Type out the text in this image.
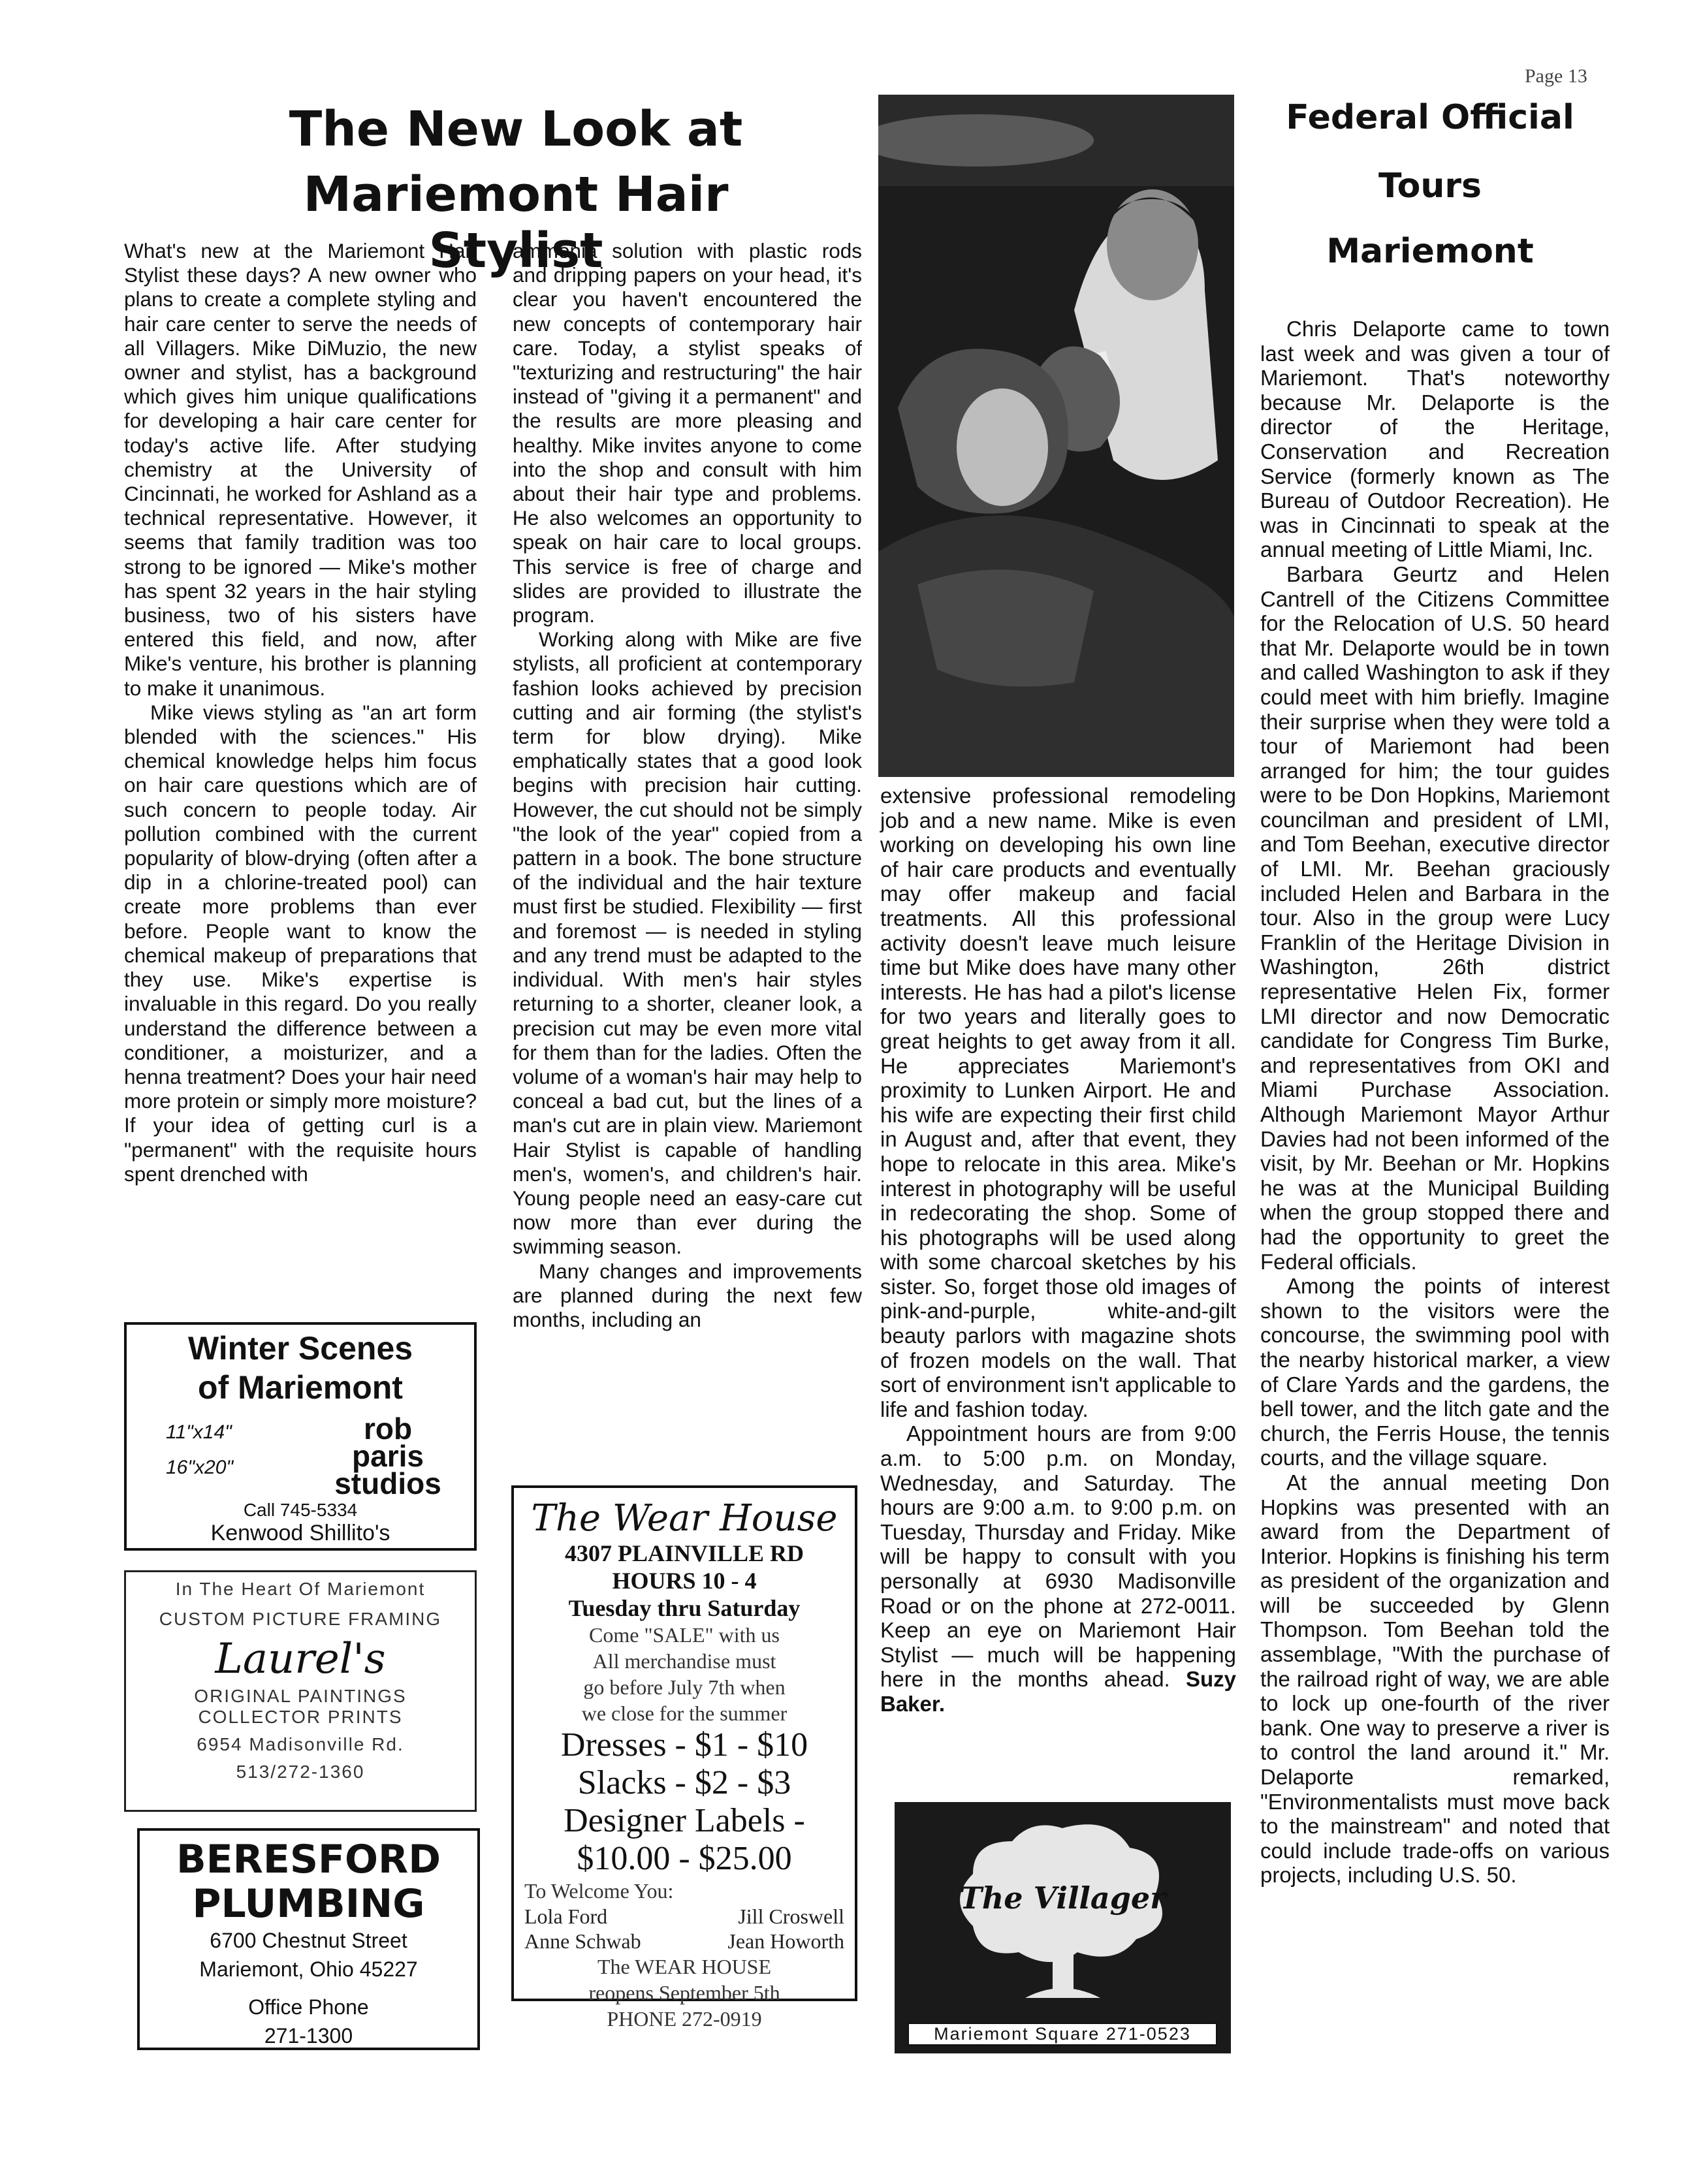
Page 13
The New Look at
Mariemont Hair Stylist

What's new at the Mariemont Hair Stylist these days? A new owner who plans to create a complete styling and hair care center to serve the needs of all Villagers. Mike DiMuzio, the new owner and stylist, has a background which gives him unique qualifications for developing a hair care center for today's active life. After studying chemistry at the University of Cincinnati, he worked for Ashland as a technical representative. However, it seems that family tradition was too strong to be ignored — Mike's mother has spent 32 years in the hair styling business, two of his sisters have entered this field, and now, after Mike's venture, his brother is planning to make it unanimous.

Mike views styling as "an art form blended with the sciences." His chemical knowledge helps him focus on hair care questions which are of such concern to people today. Air pollution combined with the current popularity of blow-drying (often after a dip in a chlorine-treated pool) can create more problems than ever before. People want to know the chemical makeup of preparations that they use. Mike's expertise is invaluable in this regard. Do you really understand the difference between a conditioner, a moisturizer, and a henna treatment? Does your hair need more protein or simply more moisture? If your idea of getting curl is a "permanent" with the requisite hours spent drenched with

ammonia solution with plastic rods and dripping papers on your head, it's clear you haven't encountered the new concepts of contemporary hair care. Today, a stylist speaks of "texturizing and restructuring" the hair instead of "giving it a permanent" and the results are more pleasing and healthy. Mike invites anyone to come into the shop and consult with him about their hair type and problems. He also welcomes an opportunity to speak on hair care to local groups. This service is free of charge and slides are provided to illustrate the program.

Working along with Mike are five stylists, all proficient at contemporary fashion looks achieved by precision cutting and air forming (the stylist's term for blow drying). Mike emphatically states that a good look begins with precision hair cutting. However, the cut should not be simply "the look of the year" copied from a pattern in a book. The bone structure of the individual and the hair texture must first be studied. Flexibility — first and foremost — is needed in styling and any trend must be adapted to the individual. With men's hair styles returning to a shorter, cleaner look, a precision cut may be even more vital for them than for the ladies. Often the volume of a woman's hair may help to conceal a bad cut, but the lines of a man's cut are in plain view. Mariemont Hair Stylist is capable of handling men's, women's, and children's hair. Young people need an easy-care cut now more than ever during the swimming season.

Many changes and improvements are planned during the next few months, including an

extensive professional remodeling job and a new name. Mike is even working on developing his own line of hair care products and eventually may offer makeup and facial treatments. All this professional activity doesn't leave much leisure time but Mike does have many other interests. He has had a pilot's license for two years and literally goes to great heights to get away from it all. He appreciates Mariemont's proximity to Lunken Airport. He and his wife are expecting their first child in August and, after that event, they hope to relocate in this area. Mike's interest in photography will be useful in redecorating the shop. Some of his photographs will be used along with some charcoal sketches by his sister. So, forget those old images of pink-and-purple, white-and-gilt beauty parlors with magazine shots of frozen models on the wall. That sort of environment isn't applicable to life and fashion today.

Appointment hours are from 9:00 a.m. to 5:00 p.m. on Monday, Wednesday, and Saturday. The hours are 9:00 a.m. to 9:00 p.m. on Tuesday, Thursday and Friday. Mike will be happy to consult with you personally at 6930 Madisonville Road or on the phone at 272-0011. Keep an eye on Mariemont Hair Stylist — much will be happening here in the months ahead. Suzy Baker.

The Villager
Mariemont Square 271-0523
Federal Official
Tours
Mariemont

Chris Delaporte came to town last week and was given a tour of Mariemont. That's noteworthy because Mr. Delaporte is the director of the Heritage, Conservation and Recreation Service (formerly known as The Bureau of Outdoor Recreation). He was in Cincinnati to speak at the annual meeting of Little Miami, Inc.

Barbara Geurtz and Helen Cantrell of the Citizens Committee for the Relocation of U.S. 50 heard that Mr. Delaporte would be in town and called Washington to ask if they could meet with him briefly. Imagine their surprise when they were told a tour of Mariemont had been arranged for him; the tour guides were to be Don Hopkins, Mariemont councilman and president of LMI, and Tom Beehan, executive director of LMI. Mr. Beehan graciously included Helen and Barbara in the tour. Also in the group were Lucy Franklin of the Heritage Division in Washington, 26th district representative Helen Fix, former LMI director and now Democratic candidate for Congress Tim Burke, and representatives from OKI and Miami Purchase Association. Although Mariemont Mayor Arthur Davies had not been informed of the visit, by Mr. Beehan or Mr. Hopkins he was at the Municipal Building when the group stopped there and had the opportunity to greet the Federal officials.

Among the points of interest shown to the visitors were the concourse, the swimming pool with the nearby historical marker, a view of Clare Yards and the gardens, the bell tower, and the litch gate and the church, the Ferris House, the tennis courts, and the village square.

At the annual meeting Don Hopkins was presented with an award from the Department of Interior. Hopkins is finishing his term as president of the organization and will be succeeded by Glenn Thompson. Tom Beehan told the assemblage, "With the purchase of the railroad right of way, we are able to lock up one-fourth of the river bank. One way to preserve a river is to control the land around it." Mr. Delaporte remarked, "Environmentalists must move back to the mainstream" and noted that could include trade-offs on various projects, including U.S. 50.

Winter Scenes
of Mariemont
11"x14"
16"x20"
rob
paris
studios
Call 745-5334
Kenwood Shillito's
In The Heart Of Mariemont
CUSTOM PICTURE FRAMING
Laurel's
ORIGINAL PAINTINGS
COLLECTOR PRINTS
6954 Madisonville Rd.
513/272-1360
BERESFORD
PLUMBING
6700 Chestnut Street
Mariemont, Ohio 45227
Office Phone
271-1300
The Wear House
4307 PLAINVILLE RD
HOURS 10 - 4
Tuesday thru Saturday
Come "SALE" with us
All merchandise must
go before July 7th when
we close for the summer
Dresses - $1 - $10
Slacks - $2 - $3
Designer Labels -
$10.00 - $25.00
To Welcome You:
Lola Ford	Jill Croswell
Anne Schwab	Jean Howorth
The WEAR HOUSE
reopens September 5th
PHONE 272-0919
